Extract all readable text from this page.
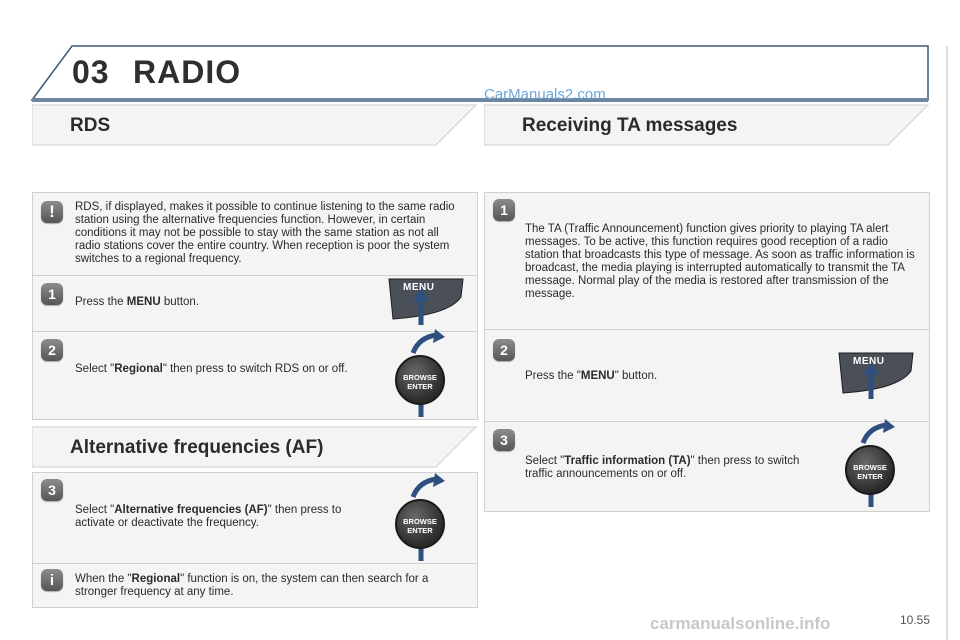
03 RADIO
CarManuals2.com
RDS
!	RDS, if displayed, makes it possible to continue listening to the same radio station using the alternative frequencies function. However, in certain conditions it may not be possible to stay with the same station as not all radio stations cover the entire country. When reception is poor the system switches to a regional frequency.
1	Press the MENU button.
MENU
2
Select "Regional" then press to switch RDS on or off.
BROWSE
ENTER
Alternative frequencies (AF)
3
Select "Alternative frequencies (AF)" then press to activate or deactivate the frequency.	BROWSE
ENTER
i	When the "Regional" function is on, the system can then search for a stronger frequency at any time.
Receiving TA messages
1
The TA (Traffic Announcement) function gives priority to playing TA alert messages. To be active, this function requires good reception of a radio station that broadcasts this type of message. As soon as traffic information is broadcast, the media playing is interrupted automatically to transmit the TA message. Normal play of the media is restored after transmission of the message.
2
Press the "MENU" button.
MENU
3
Select "Traffic information (TA)" then press to switch traffic announcements on or off.
BROWSE
ENTER
carmanualsonline.info	10.55
